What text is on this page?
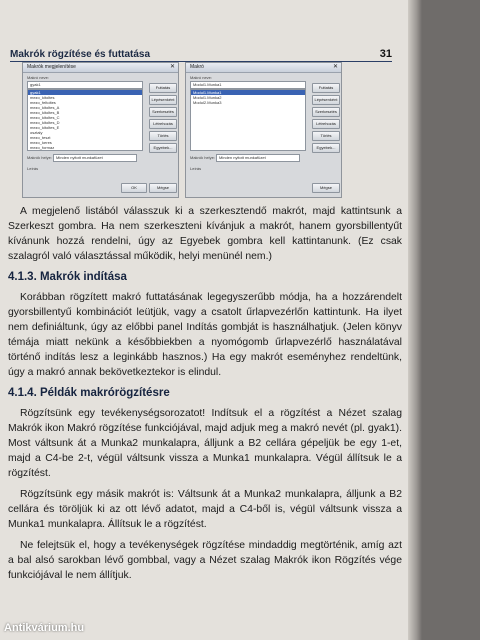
Makrók rögzítése és futtatása	31
Makrók megjelenítése	✕
Makró neve:
gyak1
gyak1
mezo_kitoltes
mezo_feltoltes
mezo_kitoltes_A
mezo_kitoltes_B
mezo_kitoltes_C
mezo_kitoltes_D
mezo_kitoltes_E
osztaly
mezo_teszt
mezo_keres
mezo_formaz
Futtatás
Lépésenként
Szerkesztés
Létrehozás
Törlés
Egyebek...
Makrók helye:	Minden nyitott munkafüzet
Leírás
OK	Mégse
Makró	✕
Makró neve:
Modul1.Munka1
Modul1.Munka1
Modul1.Munka2
Modul2.Munka3
Futtatás
Lépésenként
Szerkesztés
Létrehozás
Törlés
Egyebek...
Makrók helye:	Minden nyitott munkafüzet
Leírás
Mégse

A megjelenő listából válasszuk ki a szerkesztendő makrót, majd kattintsunk a Szerkeszt gombra. Ha nem szerkeszteni kívánjuk a makrót, hanem gyorsbillentyűt kívánunk hozzá rendelni, úgy az Egyebek gombra kell kattintanunk. (Ez csak szalagról való választással működik, helyi menünél nem.)

4.1.3. Makrók indítása

Korábban rögzített makró futtatásának legegyszerűbb módja, ha a hozzárendelt gyorsbillentyű kombinációt leütjük, vagy a csatolt űrlapvezérlőn kattintunk. Ha ilyet nem definiáltunk, úgy az előbbi panel Indítás gombját is használhatjuk. (Jelen könyv témája miatt nekünk a későbbiekben a nyomógomb űrlapvezérlő használatával történő indítás lesz a leginkább hasznos.) Ha egy makrót eseményhez rendeltünk, úgy a makró annak bekövetkeztekor is elindul.

4.1.4. Példák makrórögzítésre

Rögzítsünk egy tevékenységsorozatot! Indítsuk el a rögzítést a Nézet szalag Makrók ikon Makró rögzítése funkciójával, majd adjuk meg a makró nevét (pl. gyak1). Most váltsunk át a Munka2 munkalapra, álljunk a B2 cellára gépeljük be egy 1-et, majd a C4-be 2-t, végül váltsunk vissza a Munka1 munkalapra. Végül állítsuk le a rögzítést.

Rögzítsünk egy másik makrót is: Váltsunk át a Munka2 munkalapra, álljunk a B2 cellára és töröljük ki az ott lévő adatot, majd a C4-ből is, végül váltsunk vissza a Munka1 munkalapra. Állítsuk le a rögzítést.

Ne felejtsük el, hogy a tevékenységek rögzítése mindaddig megtörténik, amíg azt a bal alsó sarokban lévő gombbal, vagy a Nézet szalag Makrók ikon Rögzítés vége funkciójával le nem állítjuk.

Antikvárium.hu
